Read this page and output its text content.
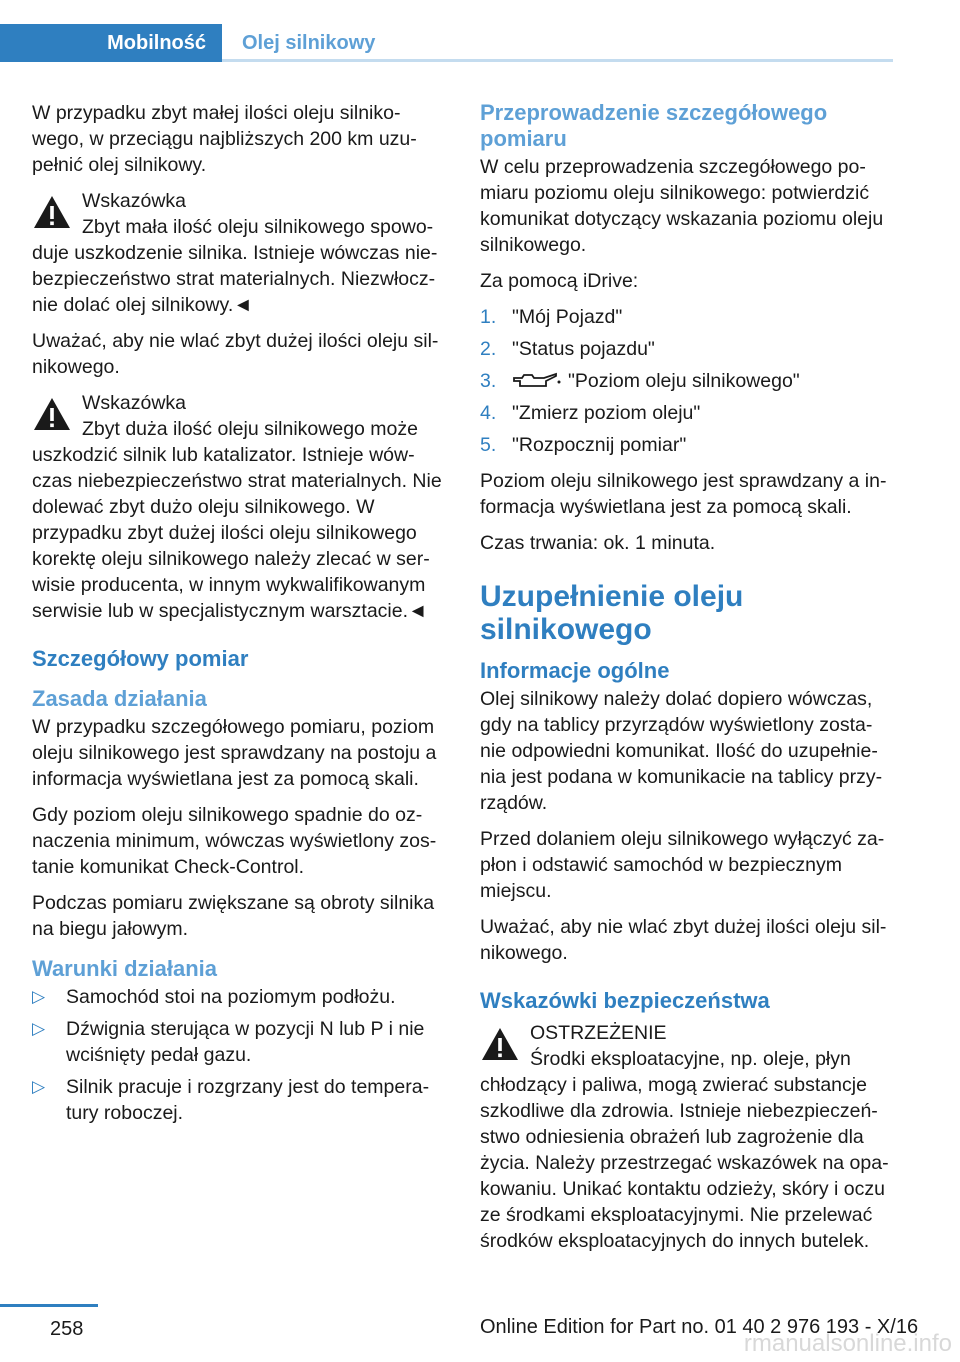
Mobilność Olej silnikowy

W przypadku zbyt małej ilości oleju silniko-wego, w przeciągu najbliższych 200 km uzu-pełnić olej silnikowy.

Wskazówka
Zbyt mała ilość oleju silnikowego spowo-duje uszkodzenie silnika. Istnieje wówczas nie-bezpieczeństwo strat materialnych. Niezwłocz-nie dolać olej silnikowy.◄

Uważać, aby nie wlać zbyt dużej ilości oleju sil-nikowego.

Wskazówka
Zbyt duża ilość oleju silnikowego może uszkodzić silnik lub katalizator. Istnieje wów-czas niebezpieczeństwo strat materialnych. Nie dolewać zbyt dużo oleju silnikowego. W przypadku zbyt dużej ilości oleju silnikowego korektę oleju silnikowego należy zlecać w ser-wisie producenta, w innym wykwalifikowanym serwisie lub w specjalistycznym warsztacie.◄
Szczegółowy pomiar
Zasada działania

W przypadku szczegółowego pomiaru, poziom oleju silnikowego jest sprawdzany na postoju a informacja wyświetlana jest za pomocą skali.

Gdy poziom oleju silnikowego spadnie do oz-naczenia minimum, wówczas wyświetlony zos-tanie komunikat Check-Control.

Podczas pomiaru zwiększane są obroty silnika na biegu jałowym.

Warunki działania
▷ Samochód stoi na poziomym podłożu.
▷ Dźwignia sterująca w pozycji N lub P i nie wciśnięty pedał gazu.
▷ Silnik pracuje i rozgrzany jest do tempera-tury roboczej.
Przeprowadzenie szczegółowego pomiaru

W celu przeprowadzenia szczegółowego po-miaru poziomu oleju silnikowego: potwierdzić komunikat dotyczący wskazania poziomu oleju silnikowego.

Za pomocą iDrive:

1. "Mój Pojazd"
2. "Status pojazdu"
3.	"Poziom oleju silnikowego"
4. "Zmierz poziom oleju"
5. "Rozpocznij pomiar"

Poziom oleju silnikowego jest sprawdzany a in-formacja wyświetlana jest za pomocą skali.

Czas trwania: ok. 1 minuta.

Uzupełnienie oleju silnikowego
Informacje ogólne

Olej silnikowy należy dolać dopiero wówczas, gdy na tablicy przyrządów wyświetlony zosta-nie odpowiedni komunikat. Ilość do uzupełnie-nia jest podana w komunikacie na tablicy przy-rządów.

Przed dolaniem oleju silnikowego wyłączyć za-płon i odstawić samochód w bezpiecznym miejscu.

Uważać, aby nie wlać zbyt dużej ilości oleju sil-nikowego.

Wskazówki bezpieczeństwa
OSTRZEŻENIE
Środki eksploatacyjne, np. oleje, płyn chłodzący i paliwa, mogą zwierać substancje szkodliwe dla zdrowia. Istnieje niebezpieczeń-stwo odniesienia obrażeń lub zagrożenie dla życia. Należy przestrzegać wskazówek na opa-kowaniu. Unikać kontaktu odzieży, skóry i oczu ze środkami eksploatacyjnymi. Nie przelewać środków eksploatacyjnych do innych butelek.
258	Online Edition for Part no. 01 40 2 976 193 - X/16
rmanualsonline.info
